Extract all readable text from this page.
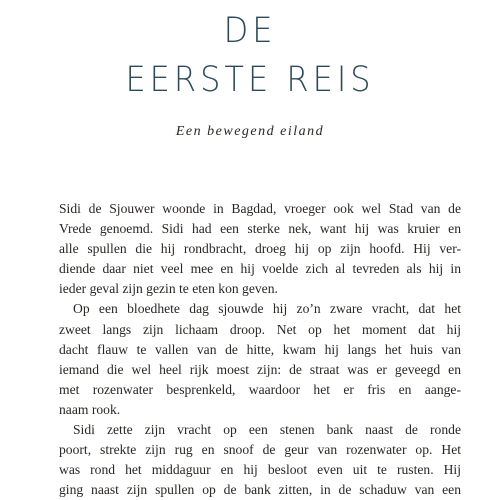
DE
EERSTE REIS

Een bewegend eiland

Sidi de Sjouwer woonde in Bagdad, vroeger ook wel Stad van de
Vrede genoemd. Sidi had een sterke nek, want hij was kruier en
alle spullen die hij rondbracht, droeg hij op zijn hoofd. Hij ver-
diende daar niet veel mee en hij voelde zich al tevreden als hij in
ieder geval zijn gezin te eten kon geven.
Op een bloedhete dag sjouwde hij zo’n zware vracht, dat het
zweet langs zijn lichaam droop. Net op het moment dat hij
dacht flauw te vallen van de hitte, kwam hij langs het huis van
iemand die wel heel rijk moest zijn: de straat was er geveegd en
met rozenwater besprenkeld, waardoor het er fris en aange-
naam rook.
Sidi zette zijn vracht op een stenen bank naast de ronde
poort, strekte zijn rug en snoof de geur van rozenwater op. Het
was rond het middaguur en hij besloot even uit te rusten. Hij
ging naast zijn spullen op de bank zitten, in de schaduw van een
